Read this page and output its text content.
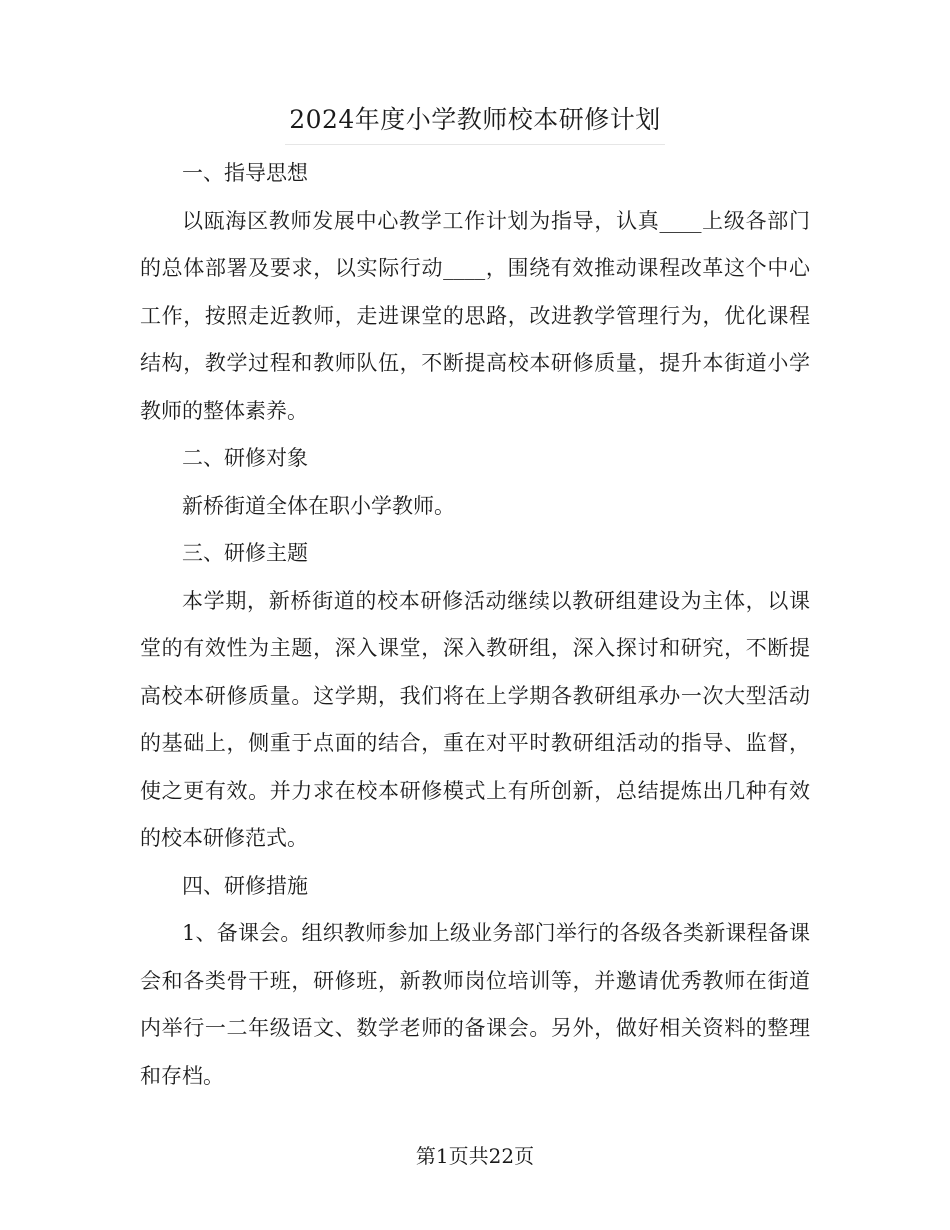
2024年度小学教师校本研修计划

一、指导思想

以瓯海区教师发展中心教学工作计划为指导，认真____上级各部门的总体部署及要求，以实际行动____，围绕有效推动课程改革这个中心工作，按照走近教师，走进课堂的思路，改进教学管理行为，优化课程结构，教学过程和教师队伍，不断提高校本研修质量，提升本街道小学教师的整体素养。

二、研修对象

新桥街道全体在职小学教师。

三、研修主题

本学期，新桥街道的校本研修活动继续以教研组建设为主体，以课堂的有效性为主题，深入课堂，深入教研组，深入探讨和研究，不断提高校本研修质量。这学期，我们将在上学期各教研组承办一次大型活动的基础上，侧重于点面的结合，重在对平时教研组活动的指导、监督，使之更有效。并力求在校本研修模式上有所创新，总结提炼出几种有效的校本研修范式。

四、研修措施

1、备课会。组织教师参加上级业务部门举行的各级各类新课程备课会和各类骨干班，研修班，新教师岗位培训等，并邀请优秀教师在街道内举行一二年级语文、数学老师的备课会。另外，做好相关资料的整理和存档。

第1页共22页
